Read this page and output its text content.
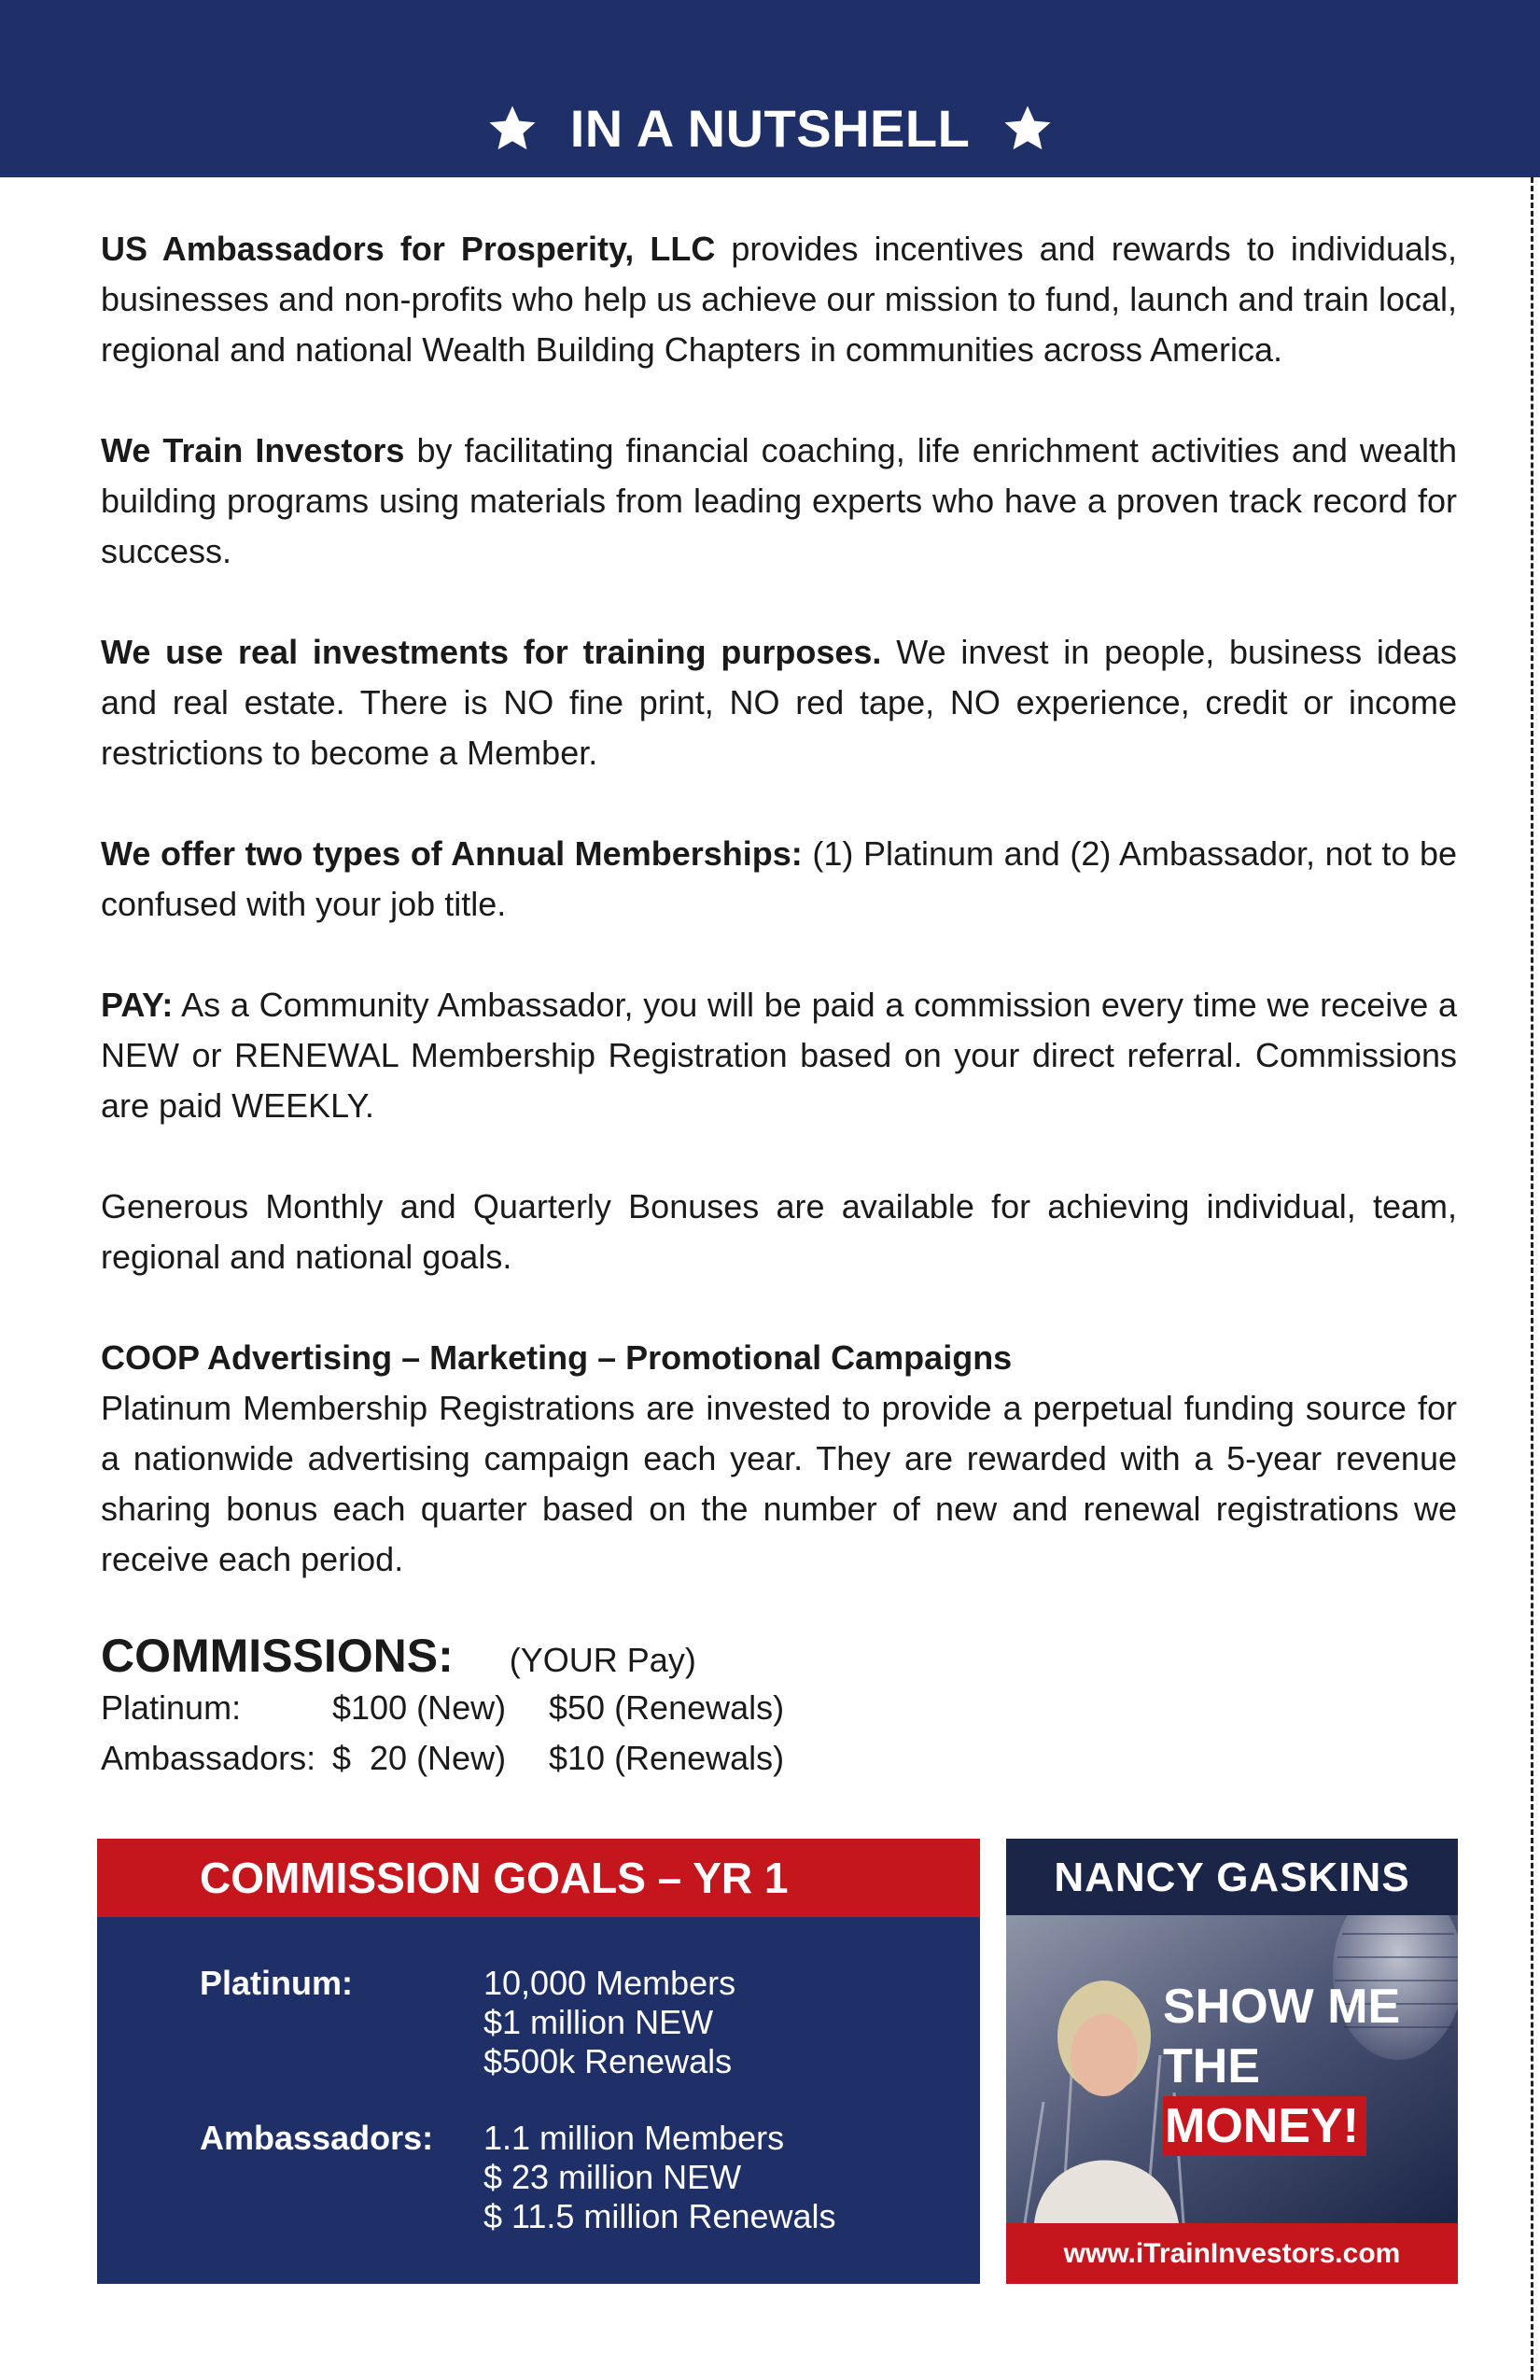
IN A NUTSHELL

US Ambassadors for Prosperity, LLC provides incentives and rewards to individuals, businesses and non-profits who help us achieve our mission to fund, launch and train local, regional and national Wealth Building Chapters in communities across America.

We Train Investors by facilitating financial coaching, life enrichment activities and wealth building programs using materials from leading experts who have a proven track record for success.

We use real investments for training purposes. We invest in people, business ideas and real estate. There is NO fine print, NO red tape, NO experience, credit or income restrictions to become a Member.

We offer two types of Annual Memberships: (1) Platinum and (2) Ambassador, not to be confused with your job title.

PAY: As a Community Ambassador, you will be paid a commission every time we receive a NEW or RENEWAL Membership Registration based on your direct referral. Commissions are paid WEEKLY.

Generous Monthly and Quarterly Bonuses are available for achieving individual, team, regional and national goals.

COOP Advertising – Marketing – Promotional Campaigns
Platinum Membership Registrations are invested to provide a perpetual funding source for a nationwide advertising campaign each year. They are rewarded with a 5-year revenue sharing bonus each quarter based on the number of new and renewal registrations we receive each period.

COMMISSIONS: (YOUR Pay)
Platinum:	$100 (New)	$50 (Renewals)
Ambassadors: $  20 (New)	$10 (Renewals)
COMMISSION GOALS – YR 1
Platinum:	10,000 Members
$1 million NEW
$500k Renewals
Ambassadors:	1.1 million Members
$ 23 million NEW
$ 11.5 million Renewals
NANCY GASKINS
SHOW ME
THE
MONEY!
www.iTrainInvestors.com
